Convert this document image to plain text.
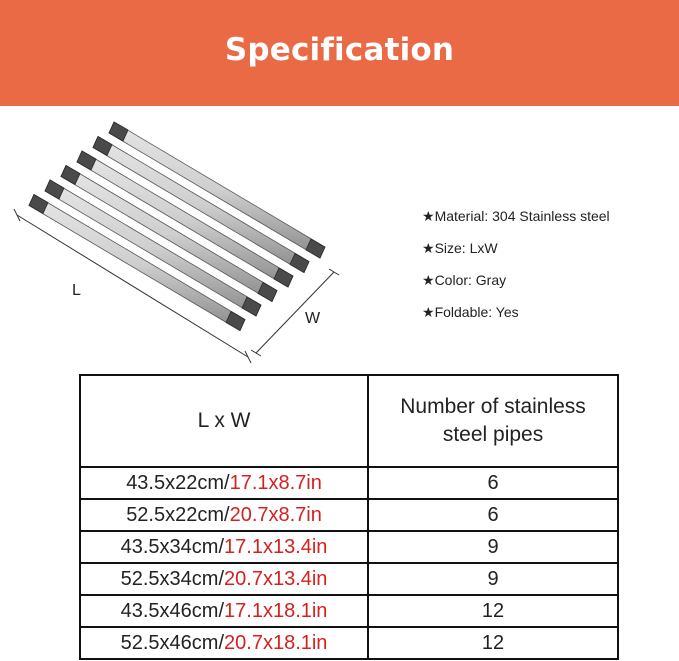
Specification
L
W
★Material: 304 Stainless steel
★Size: LxW
★Color: Gray
★Foldable: Yes
L x W	Number of stainless
steel pipes
43.5x22cm/17.1x8.7in	6
52.5x22cm/20.7x8.7in	6
43.5x34cm/17.1x13.4in	9
52.5x34cm/20.7x13.4in	9
43.5x46cm/17.1x18.1in	12
52.5x46cm/20.7x18.1in	12
